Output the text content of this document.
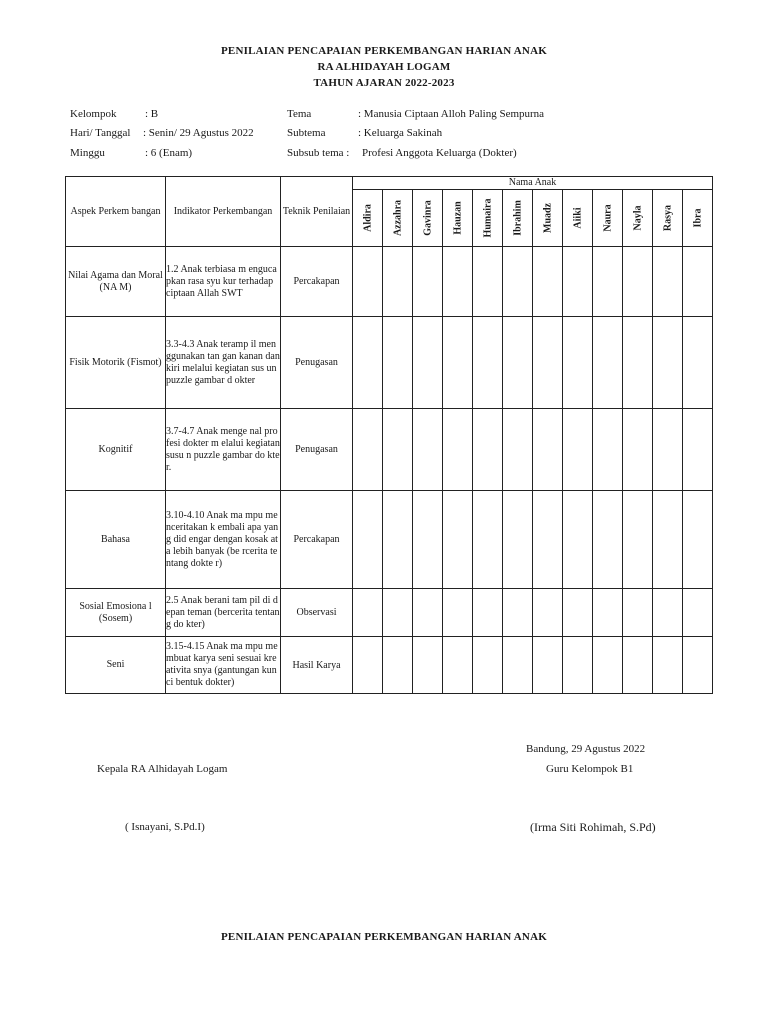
PENILAIAN PENCAPAIAN PERKEMBANGAN HARIAN ANAK
RA ALHIDAYAH LOGAM
TAHUN AJARAN 2022-2023
Kelompok	: B	Tema	: Manusia Ciptaan Alloh Paling Sempurna
Hari/ Tanggal : Senin/ 29 Agustus 2022	Subtema	: Keluarga Sakinah
Minggu	: 6 (Enam)	Subsub tema : Profesi Anggota Keluarga (Dokter)
Aspek Perkem bangan	Indikator Perkembangan	Teknik Penilaian	Nama Anak											

			Aldira	Azzahra	Gavinra	Hauzan	Humaira	Ibrahim	Muadz	Aiiki	Naura	Nayla	Rasya	Ibra

Nilai Agama dan Moral (NA M)	1.2 Anak terbiasa m engucapkan rasa syu kur terhadap ciptaan Allah SWT	Percakapan												
Fisik Motorik (Fismot)	3.3-4.3 Anak teramp il menggunakan tan gan kanan dan kiri melalui kegiatan sus un puzzle gambar d okter	Penugasan												
Kognitif	3.7-4.7 Anak menge nal profesi dokter m elalui kegiatan susu n puzzle gambar do kter.	Penugasan												
Bahasa	3.10-4.10 Anak ma mpu menceritakan k embali apa yang did engar dengan kosak ata lebih banyak (be rcerita tentang dokte r)	Percakapan												
Sosial Emosiona l (Sosem)	2.5 Anak berani tam pil di depan teman (bercerita tentang do kter)	Observasi												
Seni	3.15-4.15 Anak ma mpu membuat karya seni sesuai kreativita snya (gantungan kun ci bentuk dokter)	Hasil Karya												
Bandung, 29 Agustus 2022
Kepala RA Alhidayah Logam	Guru Kelompok B1
( Isnayani, S.Pd.I)	(Irma Siti Rohimah, S.Pd)
PENILAIAN PENCAPAIAN PERKEMBANGAN HARIAN ANAK
